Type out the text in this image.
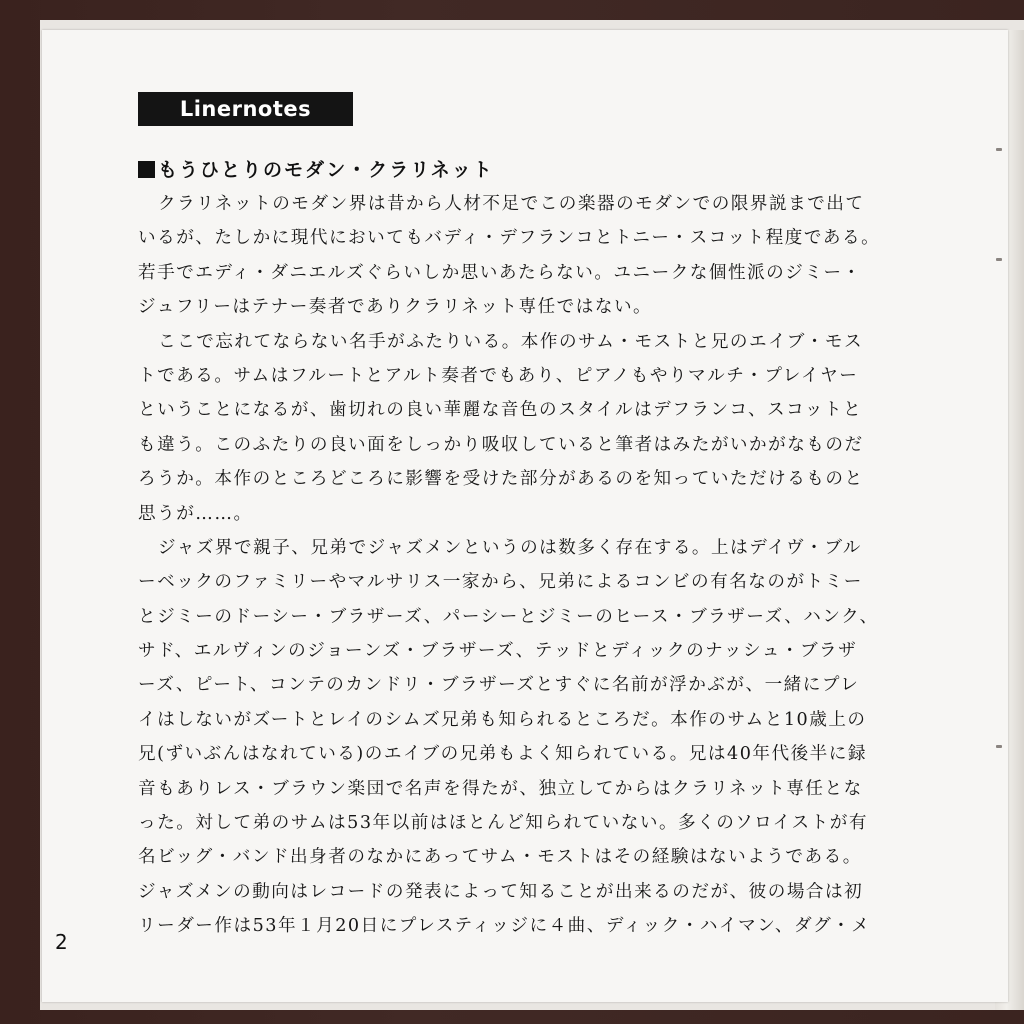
Linernotes
もうひとりのモダン・クラリネット
クラリネットのモダン界は昔から人材不足でこの楽器のモダンでの限界説まで出て
いるが、たしかに現代においてもバディ・デフランコとトニー・スコット程度である。
若手でエディ・ダニエルズぐらいしか思いあたらない。ユニークな個性派のジミー・
ジュフリーはテナー奏者でありクラリネット専任ではない。
ここで忘れてならない名手がふたりいる。本作のサム・モストと兄のエイブ・モス
トである。サムはフルートとアルト奏者でもあり、ピアノもやりマルチ・プレイヤー
ということになるが、歯切れの良い華麗な音色のスタイルはデフランコ、スコットと
も違う。このふたりの良い面をしっかり吸収していると筆者はみたがいかがなものだ
ろうか。本作のところどころに影響を受けた部分があるのを知っていただけるものと
思うが……。
ジャズ界で親子、兄弟でジャズメンというのは数多く存在する。上はデイヴ・ブル
ーベックのファミリーやマルサリス一家から、兄弟によるコンビの有名なのがトミー
とジミーのドーシー・ブラザーズ、パーシーとジミーのヒース・ブラザーズ、ハンク、
サド、エルヴィンのジョーンズ・ブラザーズ、テッドとディックのナッシュ・ブラザ
ーズ、ピート、コンテのカンドリ・ブラザーズとすぐに名前が浮かぶが、一緒にプレ
イはしないがズートとレイのシムズ兄弟も知られるところだ。本作のサムと10歳上の
兄(ずいぶんはなれている)のエイブの兄弟もよく知られている。兄は40年代後半に録
音もありレス・ブラウン楽団で名声を得たが、独立してからはクラリネット専任とな
った。対して弟のサムは53年以前はほとんど知られていない。多くのソロイストが有
名ビッグ・バンド出身者のなかにあってサム・モストはその経験はないようである。
ジャズメンの動向はレコードの発表によって知ることが出来るのだが、彼の場合は初
リーダー作は53年１月20日にプレスティッジに４曲、ディック・ハイマン、ダグ・メ
2
